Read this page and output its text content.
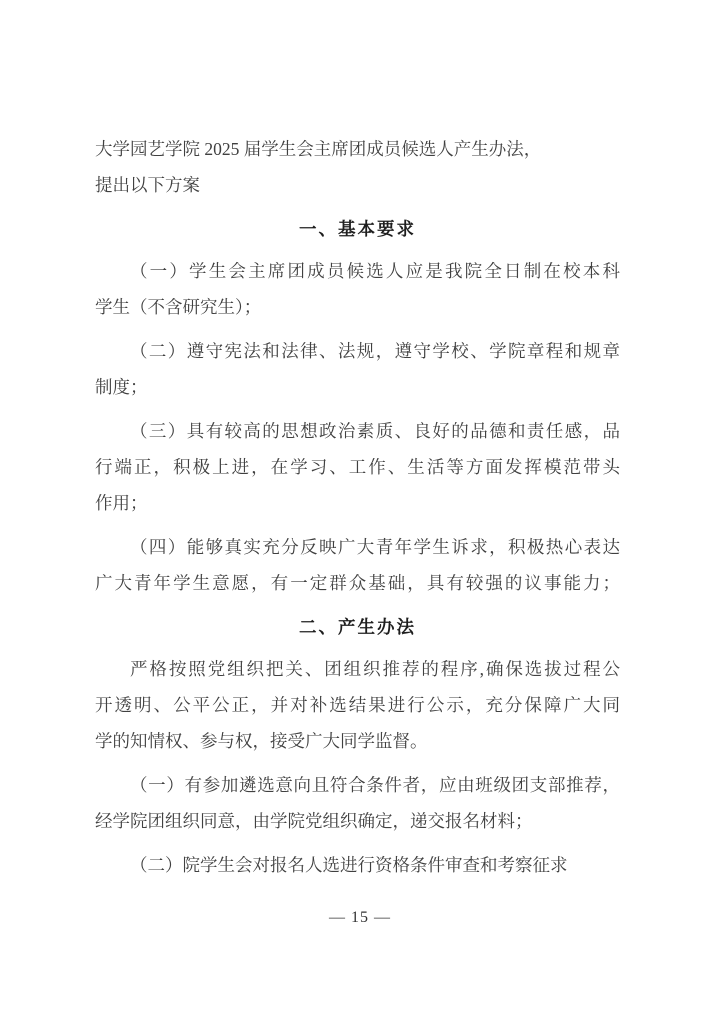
大学园艺学院 2025 届学生会主席团成员候选人产生办法，
提出以下方案
一、基本要求
（一）学生会主席团成员候选人应是我院全日制在校本科
学生（不含研究生）；
（二）遵守宪法和法律、法规，遵守学校、学院章程和规章
制度；
（三）具有较高的思想政治素质、良好的品德和责任感，品
行端正，积极上进，在学习、工作、生活等方面发挥模范带头
作用；
（四）能够真实充分反映广大青年学生诉求，积极热心表达
广大青年学生意愿，有一定群众基础，具有较强的议事能力；
二、产生办法
严格按照党组织把关、团组织推荐的程序,确保选拔过程公
开透明、公平公正，并对补选结果进行公示，充分保障广大同
学的知情权、参与权，接受广大同学监督。
（一）有参加遴选意向且符合条件者，应由班级团支部推荐，
经学院团组织同意，由学院党组织确定，递交报名材料；
（二）院学生会对报名人选进行资格条件审查和考察征求
— 15 —
